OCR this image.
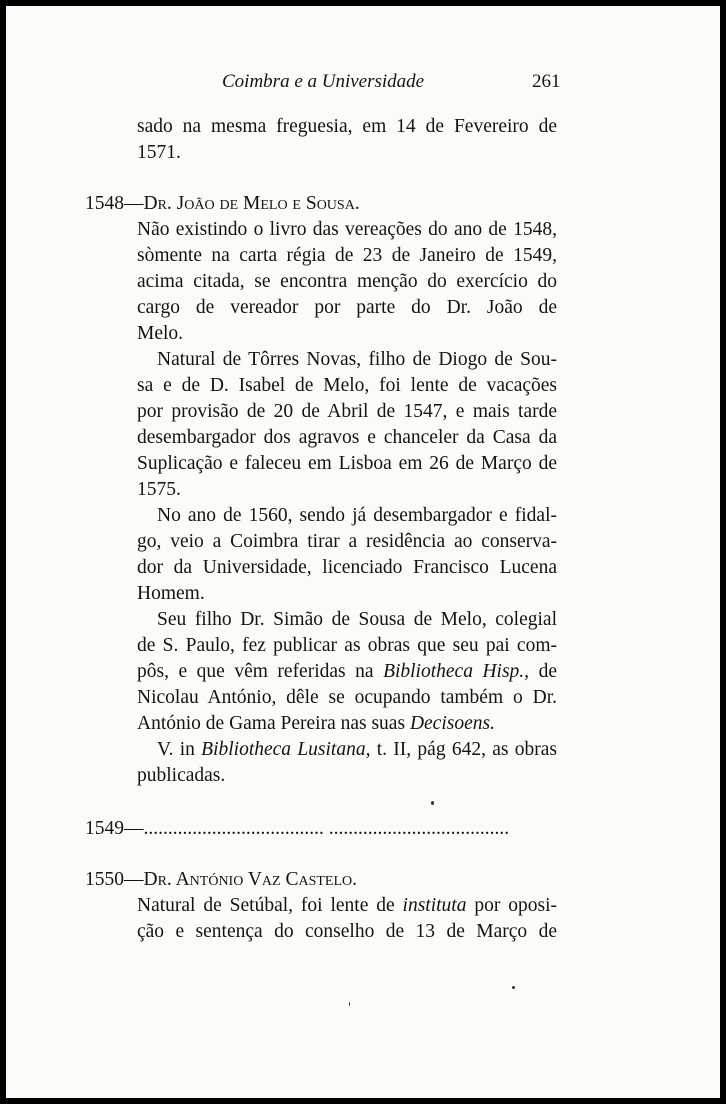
Coimbra e a Universidade	261
sado na mesma freguesia, em 14 de Fevereiro de
1571.
1548—Dr. João de Melo e Sousa.
Não existindo o livro das vereações do ano de 1548,
sòmente na carta régia de 23 de Janeiro de 1549,
acima citada, se encontra menção do exercício do
cargo de vereador por parte do Dr. João de
Melo.
Natural de Tôrres Novas, filho de Diogo de Sou-
sa e de D. Isabel de Melo, foi lente de vacações
por provisão de 20 de Abril de 1547, e mais tarde
desembargador dos agravos e chanceler da Casa da
Suplicação e faleceu em Lisboa em 26 de Março de
1575.
No ano de 1560, sendo já desembargador e fidal-
go, veio a Coimbra tirar a residência ao conserva-
dor da Universidade, licenciado Francisco Lucena
Homem.
Seu filho Dr. Simão de Sousa de Melo, colegial
de S. Paulo, fez publicar as obras que seu pai com-
pôs, e que vêm referidas na Bibliotheca Hisp., de
Nicolau António, dêle se ocupando também o Dr.
António de Gama Pereira nas suas Decisoens.
V. in Bibliotheca Lusitana, t. II, pág 642, as obras
publicadas.
1549—..................................... .....................................
1550—Dr. António Vaz Castelo.
Natural de Setúbal, foi lente de instituta por oposi-
ção e sentença do conselho de 13 de Março de
